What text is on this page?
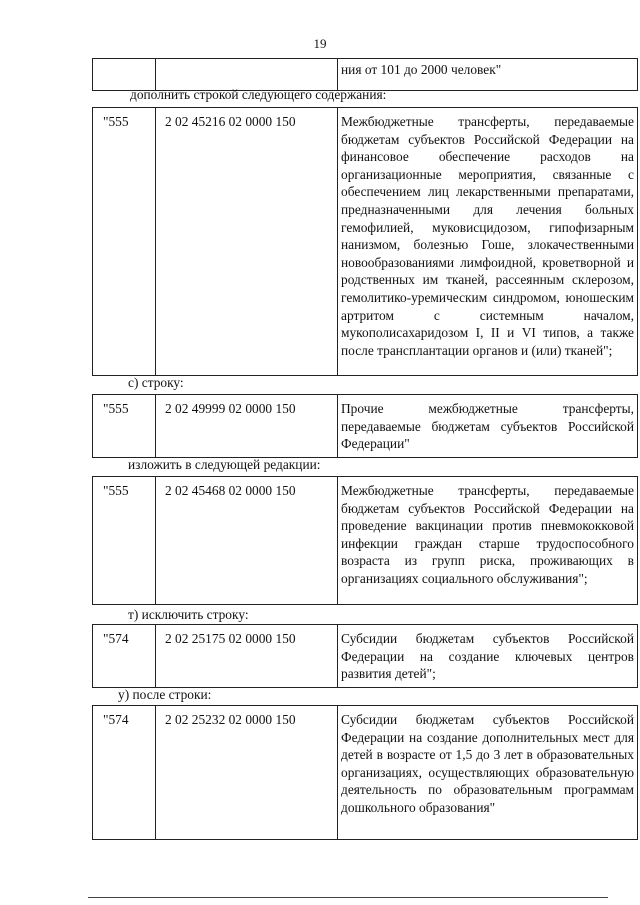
19

ния от 101 до 2000 человек"

дополнить строкой следующего содержания:
"555	2 02 45216 02 0000 150	Межбюджетные трансферты, передаваемые бюджетам субъектов Российской Федерации на финансовое обеспечение расходов на организационные мероприятия, связанные с обеспечением лиц лекарственными препаратами, предназначенными для лечения больных гемофилией, муковисцидозом, гипофизарным нанизмом, болезнью Гоше, злокачественными новообразованиями лимфоидной, кроветворной и родственных им тканей, рассеянным склерозом, гемолитико-уремическим синдромом, юношеским артритом с системным началом, мукополисахаридозом I, II и VI типов, а также после трансплантации органов и (или) тканей";

с) строку:
"555	2 02 49999 02 0000 150	Прочие межбюджетные трансферты, передаваемые бюджетам субъектов Российской Федерации"

изложить в следующей редакции:
"555	2 02 45468 02 0000 150	Межбюджетные трансферты, передаваемые бюджетам субъектов Российской Федерации на проведение вакцинации против пневмококковой инфекции граждан старше трудоспособного возраста из групп риска, проживающих в организациях социального обслуживания";

т) исключить строку:
"574	2 02 25175 02 0000 150	Субсидии бюджетам субъектов Российской Федерации на создание ключевых центров развития детей";

у) после строки:
"574	2 02 25232 02 0000 150	Субсидии бюджетам субъектов Российской Федерации на создание дополнительных мест для детей в возрасте от 1,5 до 3 лет в образовательных организациях, осуществляющих образовательную деятельность по образовательным программам дошкольного образования"
